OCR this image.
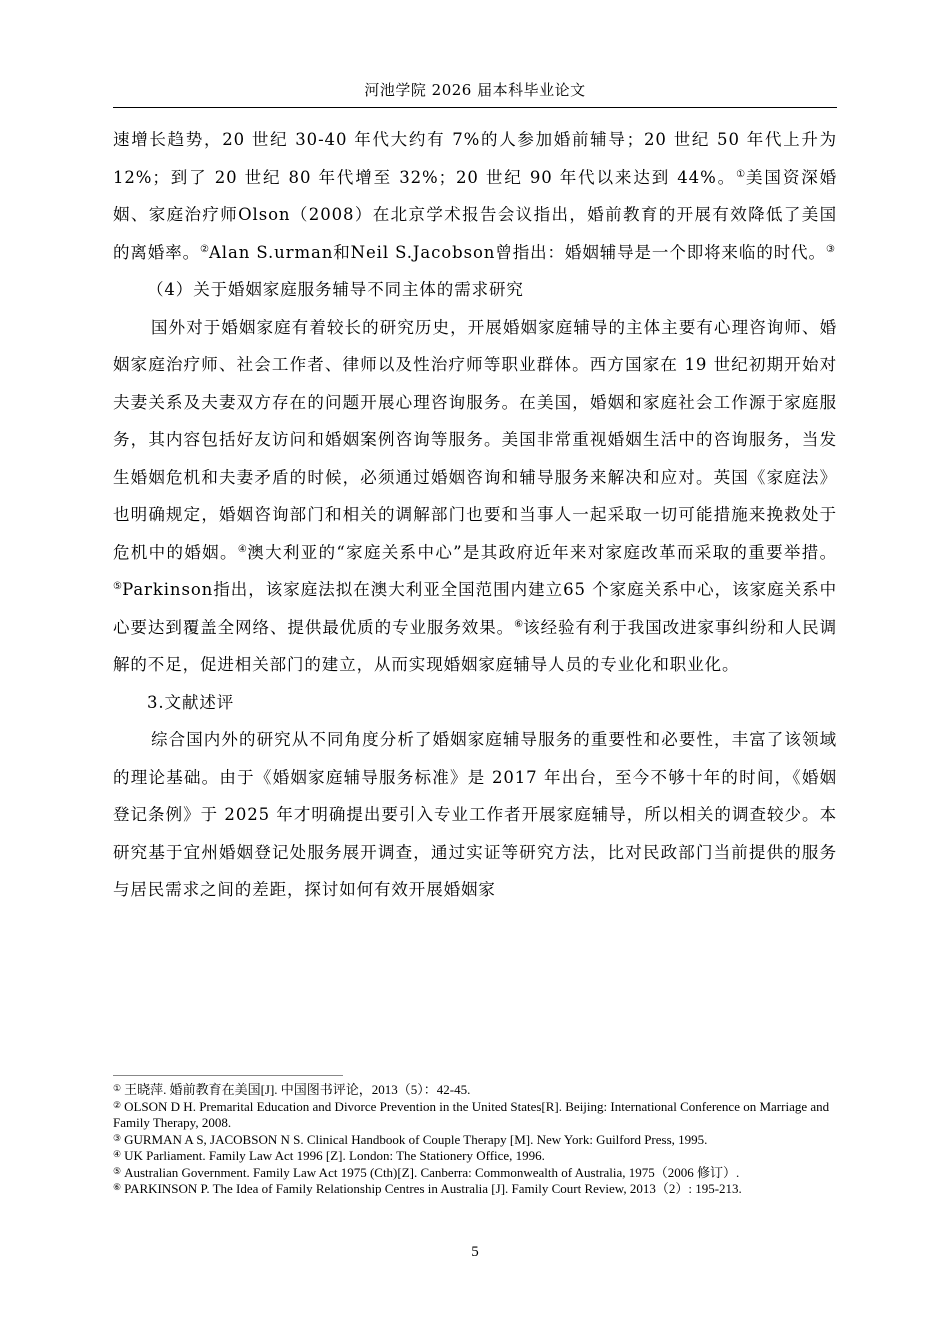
河池学院 2026 届本科毕业论文

速增长趋势，20 世纪 30-40 年代大约有 7%的人参加婚前辅导；20 世纪 50 年代上升为12%；到了 20 世纪 80 年代增至 32%；20 世纪 90 年代以来达到 44%。①美国资深婚姻、家庭治疗师Olson（2008）在北京学术报告会议指出，婚前教育的开展有效降低了美国的离婚率。②Alan S.urman和Neil S.Jacobson曾指出：婚姻辅导是一个即将来临的时代。③

（4）关于婚姻家庭服务辅导不同主体的需求研究

国外对于婚姻家庭有着较长的研究历史，开展婚姻家庭辅导的主体主要有心理咨询师、婚姻家庭治疗师、社会工作者、律师以及性治疗师等职业群体。西方国家在 19 世纪初期开始对夫妻关系及夫妻双方存在的问题开展心理咨询服务。在美国，婚姻和家庭社会工作源于家庭服务，其内容包括好友访问和婚姻案例咨询等服务。美国非常重视婚姻生活中的咨询服务，当发生婚姻危机和夫妻矛盾的时候，必须通过婚姻咨询和辅导服务来解决和应对。英国《家庭法》也明确规定，婚姻咨询部门和相关的调解部门也要和当事人一起采取一切可能措施来挽救处于危机中的婚姻。④澳大利亚的“家庭关系中心”是其政府近年来对家庭改革而采取的重要举措。⑤Parkinson指出，该家庭法拟在澳大利亚全国范围内建立65 个家庭关系中心，该家庭关系中心要达到覆盖全网络、提供最优质的专业服务效果。⑥该经验有利于我国改进家事纠纷和人民调解的不足，促进相关部门的建立，从而实现婚姻家庭辅导人员的专业化和职业化。

3.文献述评

综合国内外的研究从不同角度分析了婚姻家庭辅导服务的重要性和必要性，丰富了该领域的理论基础。由于《婚姻家庭辅导服务标准》是 2017 年出台，至今不够十年的时间，《婚姻登记条例》于 2025 年才明确提出要引入专业工作者开展家庭辅导，所以相关的调查较少。本研究基于宜州婚姻登记处服务展开调查，通过实证等研究方法，比对民政部门当前提供的服务与居民需求之间的差距，探讨如何有效开展婚姻家

① 王晓萍. 婚前教育在美国[J]. 中国图书评论，2013（5）：42-45.
② OLSON D H. Premarital Education and Divorce Prevention in the United States[R]. Beijing: International Conference on Marriage and Family Therapy, 2008.
③ GURMAN A S, JACOBSON N S. Clinical Handbook of Couple Therapy [M]. New York: Guilford Press, 1995.
④ UK Parliament. Family Law Act 1996 [Z]. London: The Stationery Office, 1996.
⑤ Australian Government. Family Law Act 1975 (Cth)[Z]. Canberra: Commonwealth of Australia, 1975（2006 修订）.
⑥ PARKINSON P. The Idea of Family Relationship Centres in Australia [J]. Family Court Review, 2013（2）: 195-213.
5
